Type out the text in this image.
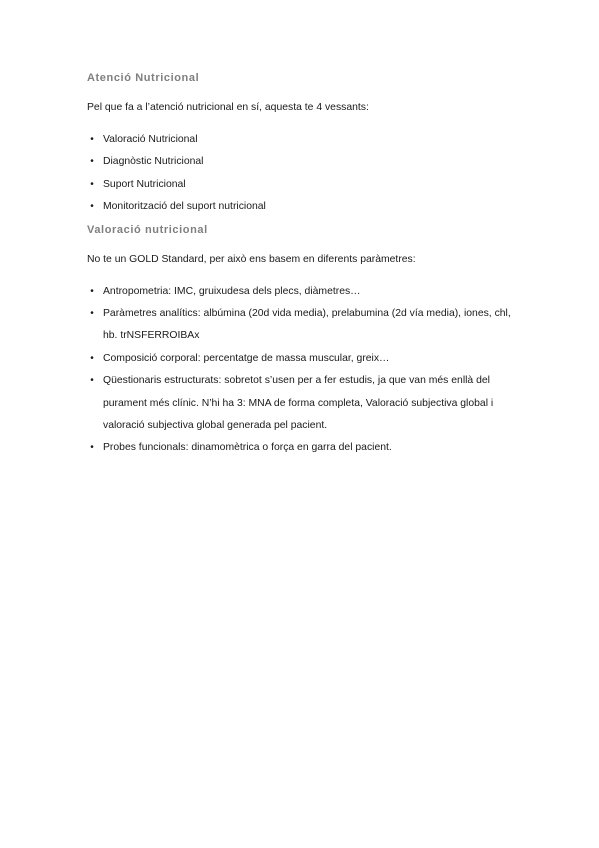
Atenció Nutricional

Pel que fa a l’atenció nutricional en sí, aquesta te 4 vessants:

• Valoració Nutricional
• Diagnòstic Nutricional
• Suport Nutricional
• Monitorització del suport nutricional
Valoració nutricional

No te un GOLD Standard, per això ens basem en diferents paràmetres:

• Antropometria: IMC, gruixudesa dels plecs, diàmetres…
• Paràmetres analítics: albúmina (20d vida media), prelabumina (2d vía media), iones, chl, hb. trNSFERROIBAx
• Composició corporal: percentatge de massa muscular, greix…
• Qüestionaris estructurats: sobretot s’usen per a fer estudis, ja que van més enllà del purament més clínic. N’hi ha 3: MNA de forma completa, Valoració subjectiva global i valoració subjectiva global generada pel pacient.
• Probes funcionals: dinamomètrica o força en garra del pacient.
